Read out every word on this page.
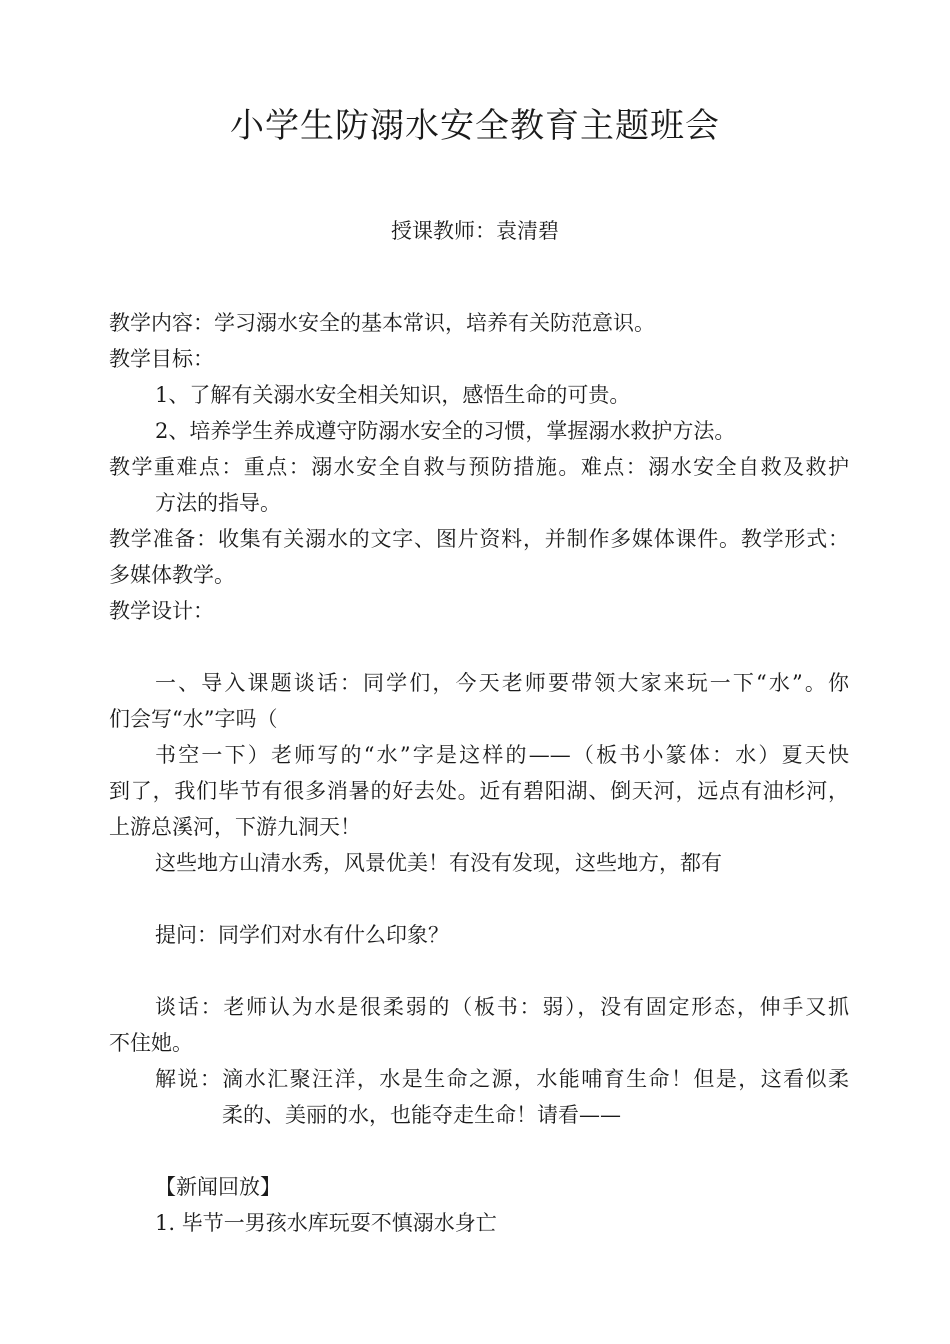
小学生防溺水安全教育主题班会
授课教师：袁清碧
教学内容：学习溺水安全的基本常识，培养有关防范意识。
教学目标：
1、了解有关溺水安全相关知识，感悟生命的可贵。
2、培养学生养成遵守防溺水安全的习惯，掌握溺水救护方法。
教学重难点：重点：溺水安全自救与预防措施。难点：溺水安全自救及救护
方法的指导。
教学准备：收集有关溺水的文字、图片资料，并制作多媒体课件。教学形式：
多媒体教学。
教学设计：
一、导入课题谈话：同学们，今天老师要带领大家来玩一下“水”。你
们会写“水”字吗（
书空一下）老师写的“水”字是这样的——（板书小篆体：水）夏天快
到了，我们毕节有很多消暑的好去处。近有碧阳湖、倒天河，远点有油杉河，
上游总溪河，下游九洞天！
这些地方山清水秀，风景优美！有没有发现，这些地方，都有
提问：同学们对水有什么印象？
谈话：老师认为水是很柔弱的（板书：弱），没有固定形态，伸手又抓
不住她。
解说：滴水汇聚汪洋，水是生命之源，水能哺育生命！但是，这看似柔
柔的、美丽的水，也能夺走生命！请看——
【新闻回放】
1. 毕节一男孩水库玩耍不慎溺水身亡
